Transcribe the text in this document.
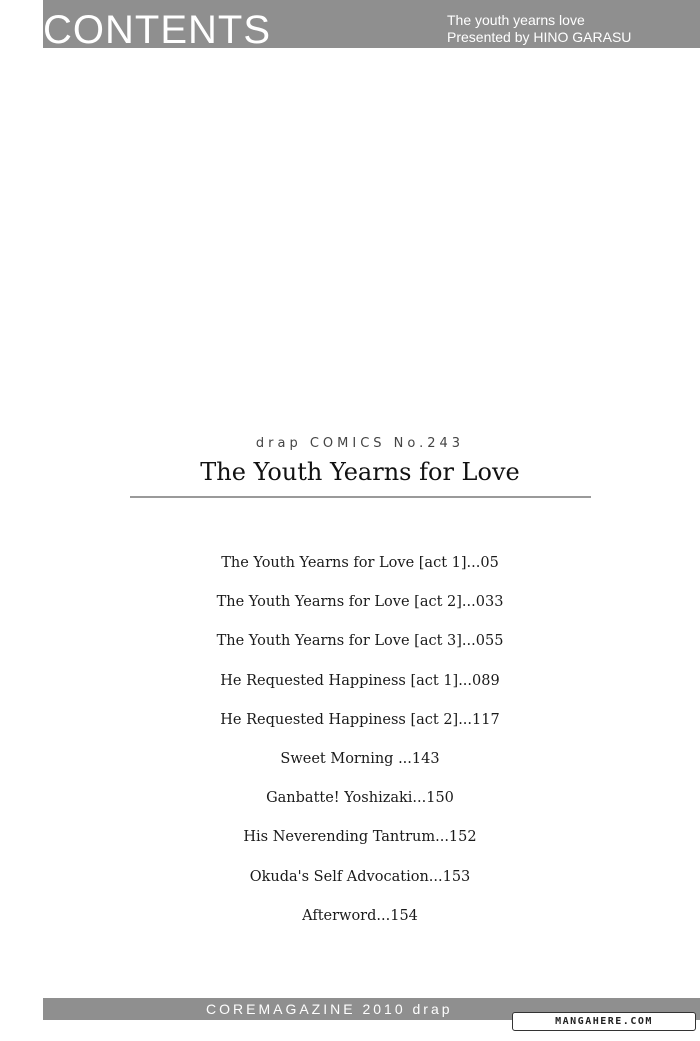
CONTENTS	The youth yearns love
Presented by HINO GARASU
drap COMICS No.243
The Youth Yearns for Love
The Youth Yearns for Love [act 1]...05
The Youth Yearns for Love [act 2]...033
The Youth Yearns for Love [act 3]...055
He Requested Happiness [act 1]...089
He Requested Happiness [act 2]...117
Sweet Morning ...143
Ganbatte! Yoshizaki...150
His Neverending Tantrum...152
Okuda's Self Advocation...153
Afterword...154
COREMAGAZINE 2010 drap
MANGAHERE.COM
